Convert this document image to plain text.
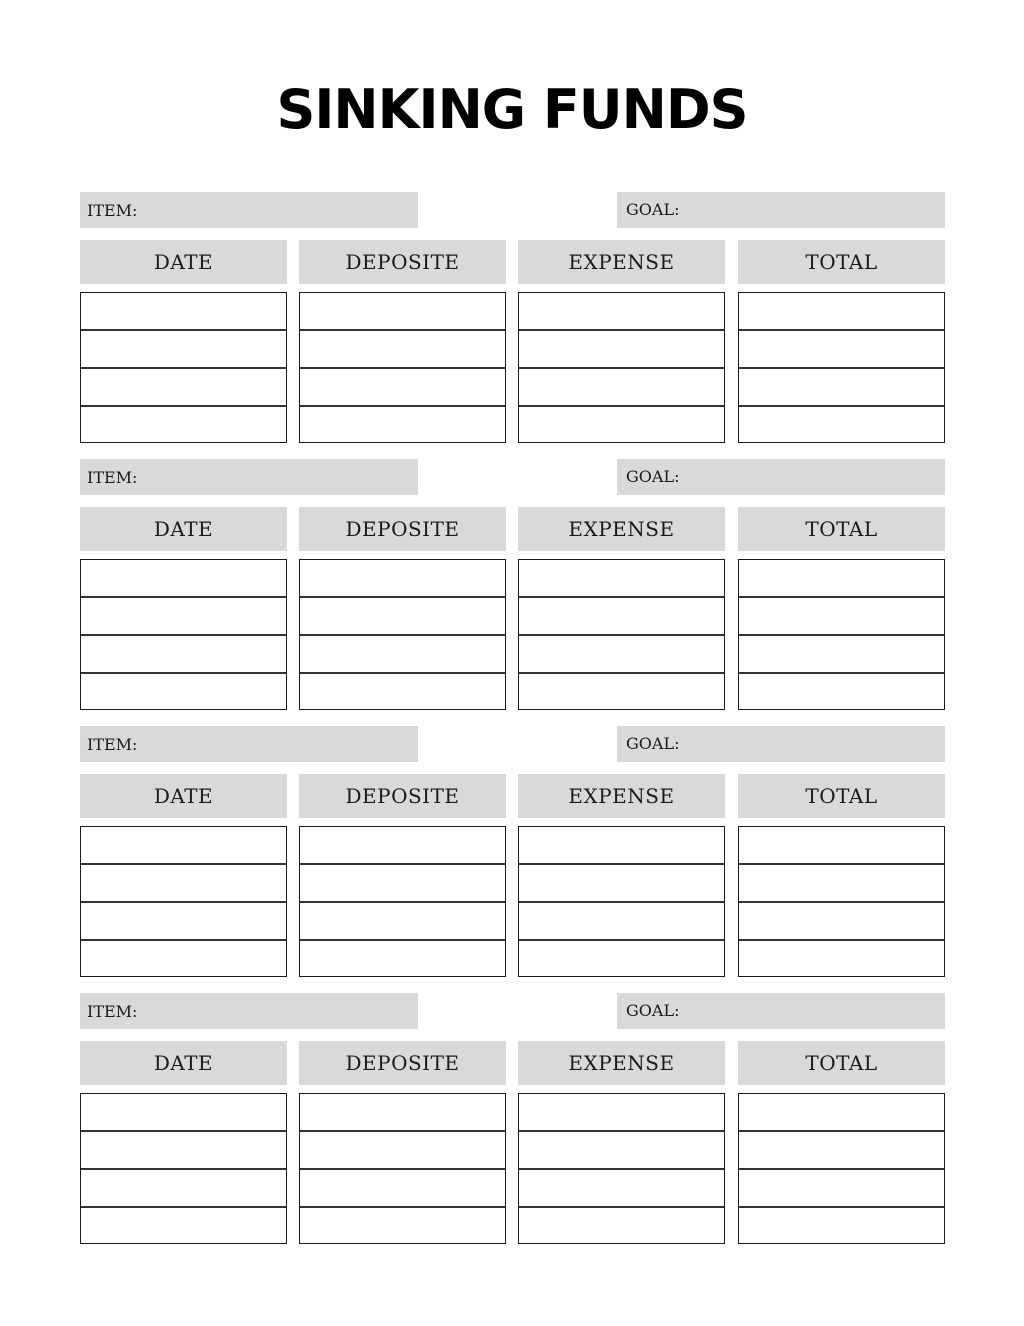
SINKING FUNDS
ITEM:	GOAL:
DATE	DEPOSITE	EXPENSE	TOTAL
ITEM:	GOAL:
DATE	DEPOSITE	EXPENSE	TOTAL
ITEM:	GOAL:
DATE	DEPOSITE	EXPENSE	TOTAL
ITEM:	GOAL:
DATE	DEPOSITE	EXPENSE	TOTAL
